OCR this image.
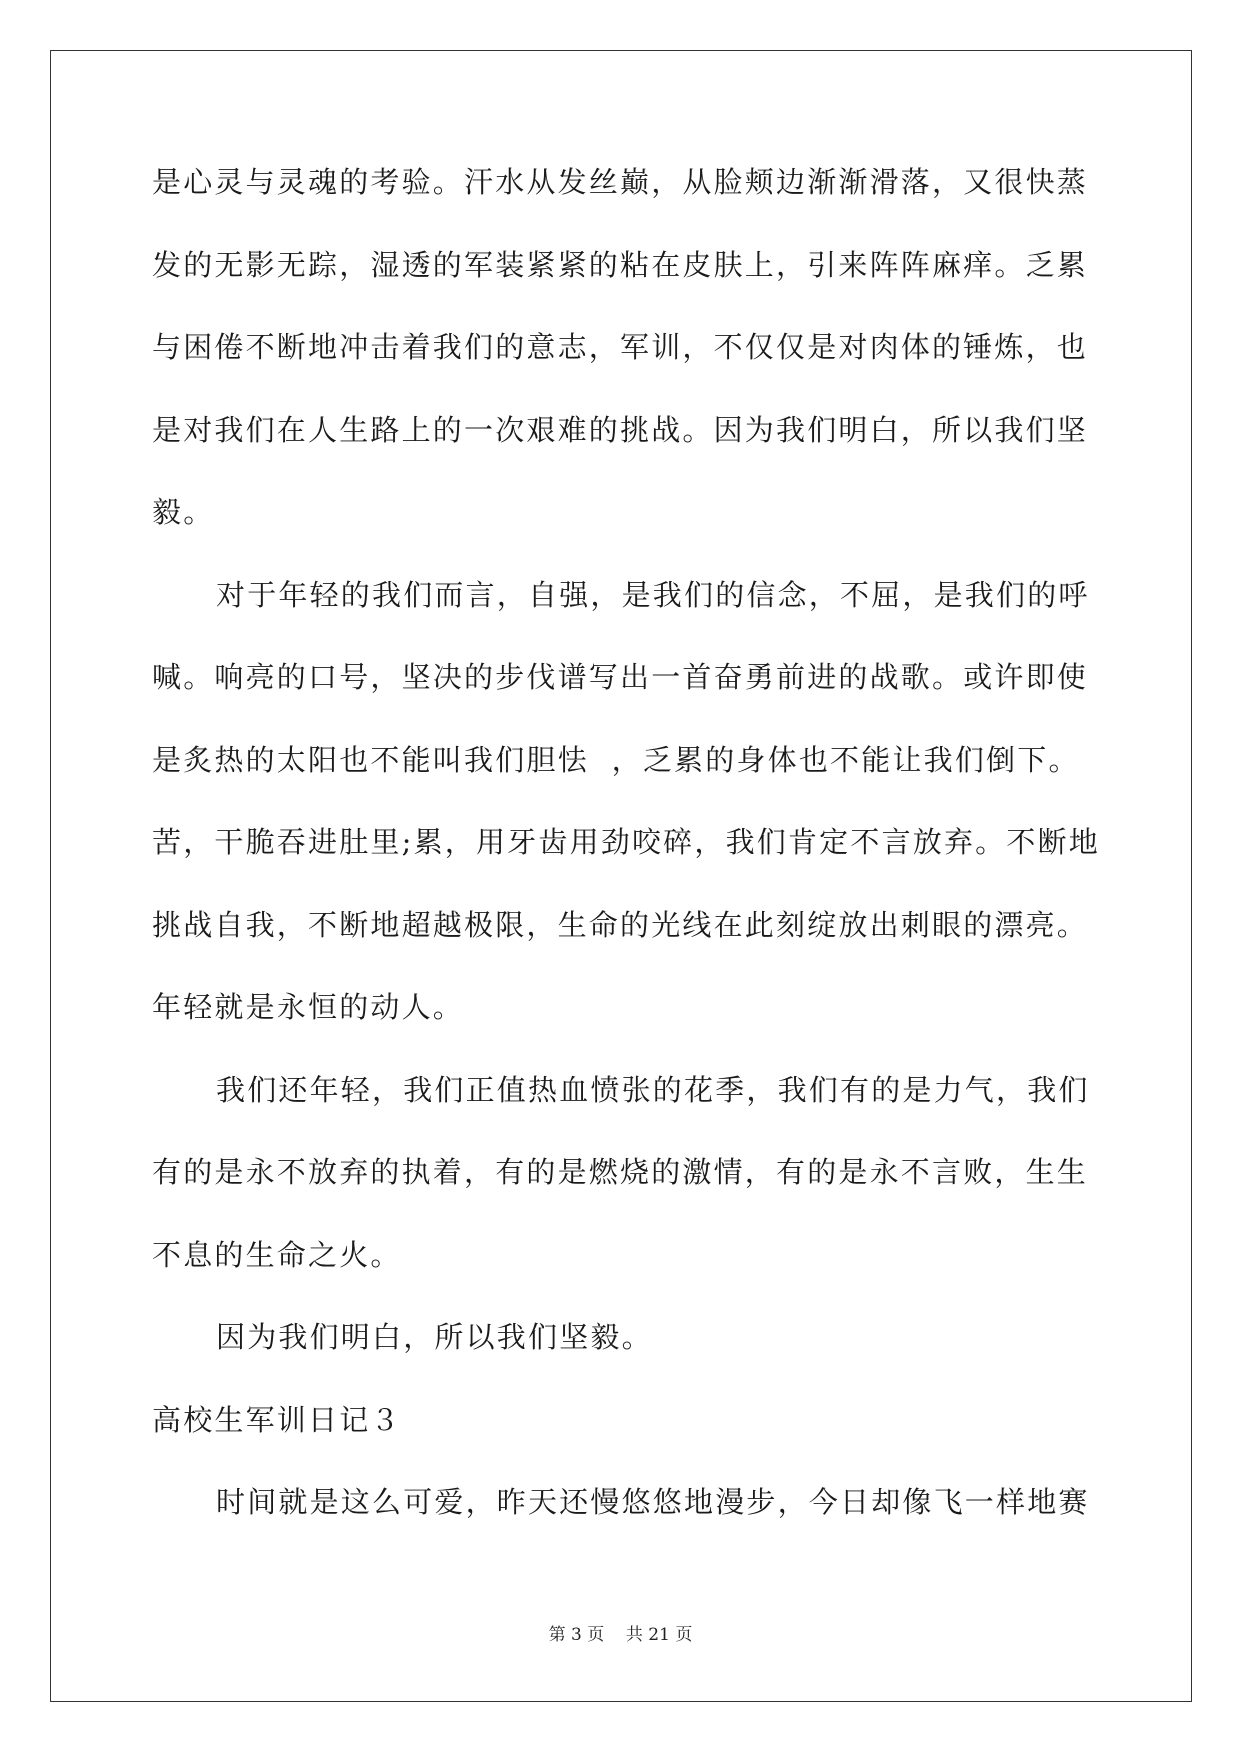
是心灵与灵魂的考验。汗水从发丝巅，从脸颊边渐渐滑落，又很快蒸
发的无影无踪，湿透的军装紧紧的粘在皮肤上，引来阵阵麻痒。乏累
与困倦不断地冲击着我们的意志，军训，不仅仅是对肉体的锤炼，也
是对我们在人生路上的一次艰难的挑战。因为我们明白，所以我们坚
毅。
对于年轻的我们而言，自强，是我们的信念，不屈，是我们的呼
喊。响亮的口号，坚决的步伐谱写出一首奋勇前进的战歌。或许即使
是炙热的太阳也不能叫我们胆怯  ，乏累的身体也不能让我们倒下。
苦，干脆吞进肚里;累，用牙齿用劲咬碎，我们肯定不言放弃。不断地
挑战自我，不断地超越极限，生命的光线在此刻绽放出刺眼的漂亮。
年轻就是永恒的动人。
我们还年轻，我们正值热血愤张的花季，我们有的是力气，我们
有的是永不放弃的执着，有的是燃烧的激情，有的是永不言败，生生
不息的生命之火。
因为我们明白，所以我们坚毅。
高校生军训日记３
时间就是这么可爱，昨天还慢悠悠地漫步，今日却像飞一样地赛
第 3 页 共 21 页
